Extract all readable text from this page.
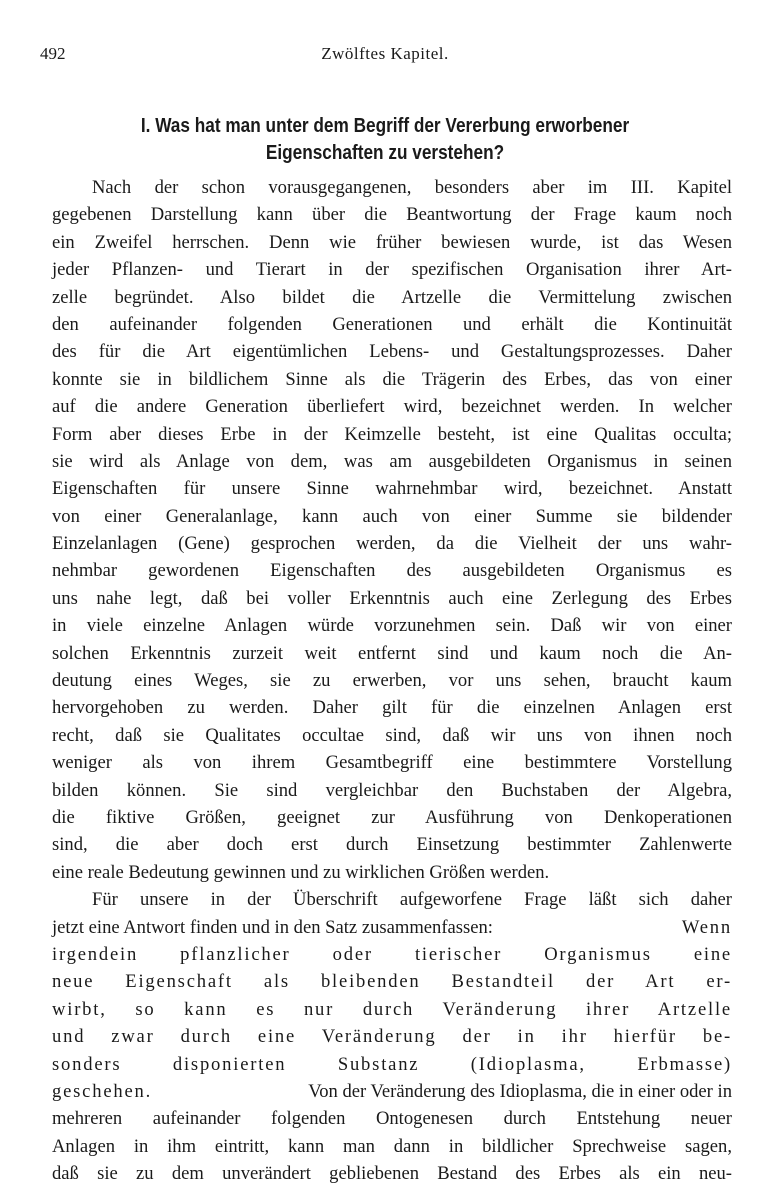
492	Zwölftes Kapitel.
I. Was hat man unter dem Begriff der Vererbung erworbener
Eigenschaften zu verstehen?
Nach der schon vorausgegangenen, besonders aber im III. Kapitel
gegebenen Darstellung kann über die Beantwortung der Frage kaum noch
ein Zweifel herrschen. Denn wie früher bewiesen wurde, ist das Wesen
jeder Pflanzen- und Tierart in der spezifischen Organisation ihrer Art-
zelle begründet. Also bildet die Artzelle die Vermittelung zwischen
den aufeinander folgenden Generationen und erhält die Kontinuität
des für die Art eigentümlichen Lebens- und Gestaltungsprozesses. Daher
konnte sie in bildlichem Sinne als die Trägerin des Erbes, das von einer
auf die andere Generation überliefert wird, bezeichnet werden. In welcher
Form aber dieses Erbe in der Keimzelle besteht, ist eine Qualitas occulta;
sie wird als Anlage von dem, was am ausgebildeten Organismus in seinen
Eigenschaften für unsere Sinne wahrnehmbar wird, bezeichnet. Anstatt
von einer Generalanlage, kann auch von einer Summe sie bildender
Einzelanlagen (Gene) gesprochen werden, da die Vielheit der uns wahr-
nehmbar gewordenen Eigenschaften des ausgebildeten Organismus es
uns nahe legt, daß bei voller Erkenntnis auch eine Zerlegung des Erbes
in viele einzelne Anlagen würde vorzunehmen sein. Daß wir von einer
solchen Erkenntnis zurzeit weit entfernt sind und kaum noch die An-
deutung eines Weges, sie zu erwerben, vor uns sehen, braucht kaum
hervorgehoben zu werden. Daher gilt für die einzelnen Anlagen erst
recht, daß sie Qualitates occultae sind, daß wir uns von ihnen noch
weniger als von ihrem Gesamtbegriff eine bestimmtere Vorstellung
bilden können. Sie sind vergleichbar den Buchstaben der Algebra,
die fiktive Größen, geeignet zur Ausführung von Denkoperationen
sind, die aber doch erst durch Einsetzung bestimmter Zahlenwerte
eine reale Bedeutung gewinnen und zu wirklichen Größen werden.
Für unsere in der Überschrift aufgeworfene Frage läßt sich daher
jetzt eine Antwort finden und in den Satz zusammenfassen:	Wenn
irgendein pflanzlicher oder tierischer Organismus eine
neue Eigenschaft als bleibenden Bestandteil der Art er-
wirbt, so kann es nur durch Veränderung ihrer Artzelle
und zwar durch eine Veränderung der in ihr hierfür be-
sonders disponierten Substanz (Idioplasma, Erbmasse)
geschehen.	Von der Veränderung des Idioplasma, die in einer oder in
mehreren aufeinander folgenden Ontogenesen durch Entstehung neuer
Anlagen in ihm eintritt, kann man dann in bildlicher Sprechweise sagen,
daß sie zu dem unverändert gebliebenen Bestand des Erbes als ein neu-
